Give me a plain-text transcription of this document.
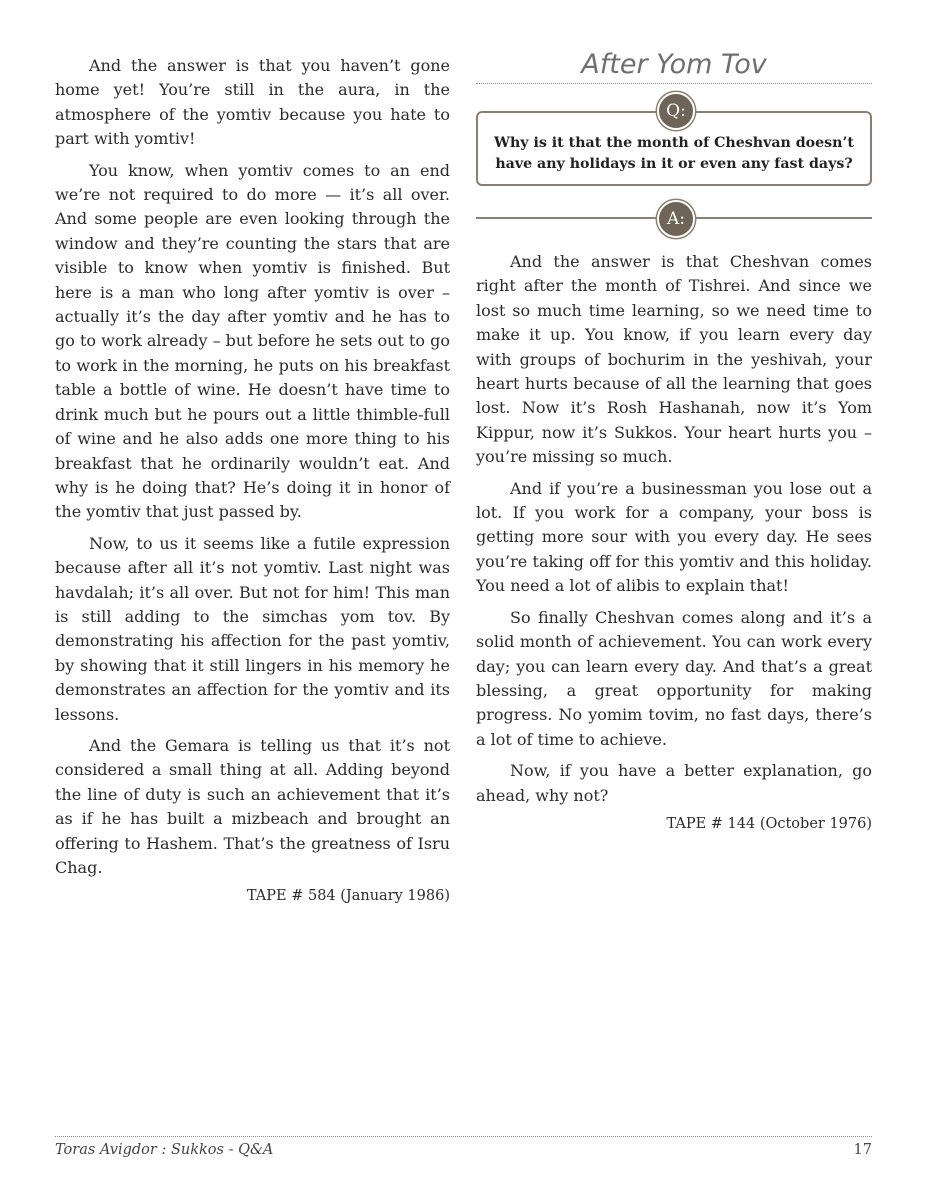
And the answer is that you haven’t gone home yet! You’re still in the aura, in the atmosphere of the yomtiv because you hate to part with yomtiv!

You know, when yomtiv comes to an end we’re not required to do more — it’s all over. And some people are even looking through the window and they’re counting the stars that are visible to know when yomtiv is finished. But here is a man who long after yomtiv is over – actually it’s the day after yomtiv and he has to go to work already – but before he sets out to go to work in the morning, he puts on his breakfast table a bottle of wine. He doesn’t have time to drink much but he pours out a little thimble-full of wine and he also adds one more thing to his breakfast that he ordinarily wouldn’t eat. And why is he doing that? He’s doing it in honor of the yomtiv that just passed by.

Now, to us it seems like a futile expression because after all it’s not yomtiv. Last night was havdalah; it’s all over. But not for him! This man is still adding to the simchas yom tov. By demonstrating his affection for the past yomtiv, by showing that it still lingers in his memory he demonstrates an affection for the yomtiv and its lessons.

And the Gemara is telling us that it’s not considered a small thing at all. Adding beyond the line of duty is such an achievement that it’s as if he has built a mizbeach and brought an offering to Hashem. That’s the greatness of Isru Chag.

TAPE # 584 (January 1986)
After Yom Tov
Q:
Why is it that the month of Cheshvan doesn’t have any holidays in it or even any fast days?
A:

And the answer is that Cheshvan comes right after the month of Tishrei. And since we lost so much time learning, so we need time to make it up. You know, if you learn every day with groups of bochurim in the yeshivah, your heart hurts because of all the learning that goes lost. Now it’s Rosh Hashanah, now it’s Yom Kippur, now it’s Sukkos. Your heart hurts you – you’re missing so much.

And if you’re a businessman you lose out a lot. If you work for a company, your boss is getting more sour with you every day. He sees you’re taking off for this yomtiv and this holiday. You need a lot of alibis to explain that!

So finally Cheshvan comes along and it’s a solid month of achievement. You can work every day; you can learn every day. And that’s a great blessing, a great opportunity for making progress. No yomim tovim, no fast days, there’s a lot of time to achieve.

Now, if you have a better explanation, go ahead, why not?

TAPE # 144 (October 1976)
Toras Avigdor : Sukkos - Q&A	17
